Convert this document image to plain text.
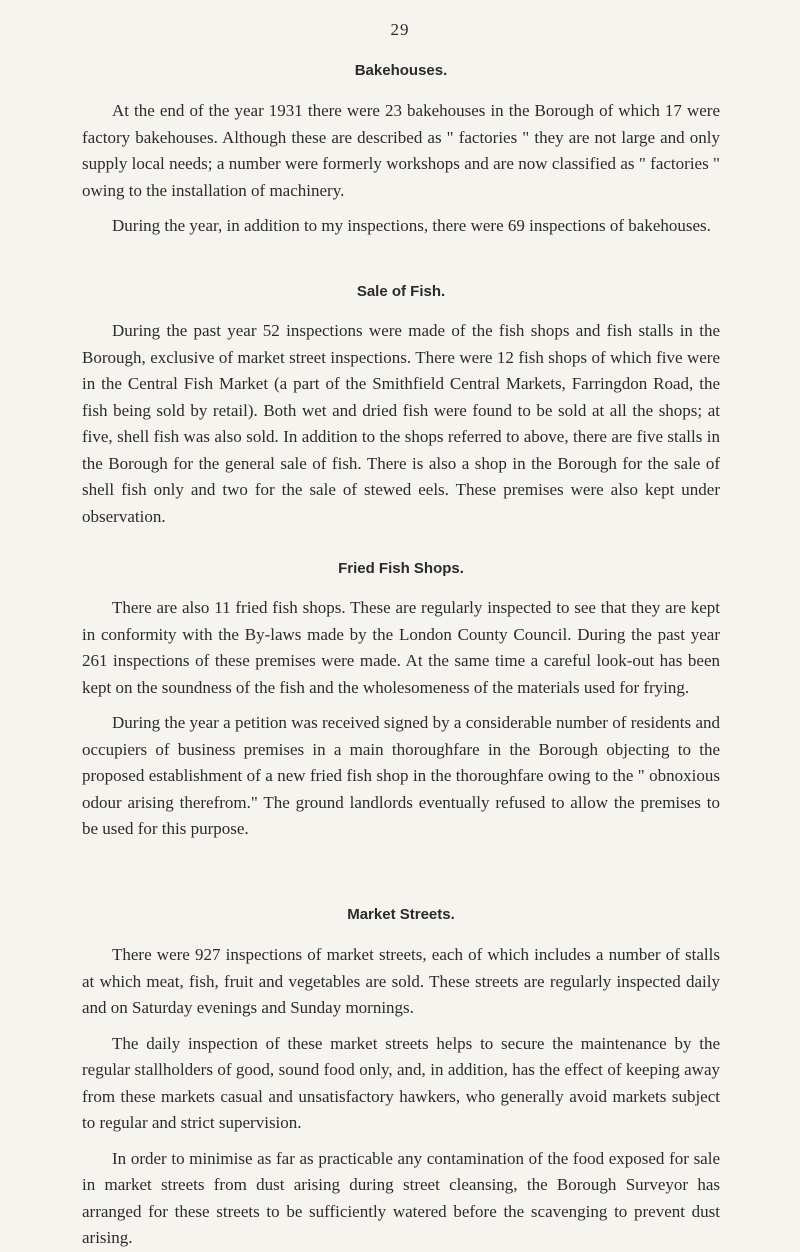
29
Bakehouses.

At the end of the year 1931 there were 23 bakehouses in the Borough of which 17 were factory bakehouses. Although these are described as " factories " they are not large and only supply local needs; a number were formerly workshops and are now classified as " factories " owing to the installation of machinery.

During the year, in addition to my inspections, there were 69 inspections of bakehouses.

Sale of Fish.

During the past year 52 inspections were made of the fish shops and fish stalls in the Borough, exclusive of market street inspections. There were 12 fish shops of which five were in the Central Fish Market (a part of the Smithfield Central Markets, Farringdon Road, the fish being sold by retail). Both wet and dried fish were found to be sold at all the shops; at five, shell fish was also sold. In addition to the shops referred to above, there are five stalls in the Borough for the general sale of fish. There is also a shop in the Borough for the sale of shell fish only and two for the sale of stewed eels. These premises were also kept under observation.

Fried Fish Shops.

There are also 11 fried fish shops. These are regularly inspected to see that they are kept in conformity with the By-laws made by the London County Council. During the past year 261 inspections of these premises were made. At the same time a careful look-out has been kept on the soundness of the fish and the wholesomeness of the materials used for frying.

During the year a petition was received signed by a considerable number of residents and occupiers of business premises in a main thoroughfare in the Borough objecting to the proposed establishment of a new fried fish shop in the thoroughfare owing to the " obnoxious odour arising therefrom." The ground landlords eventually refused to allow the premises to be used for this purpose.

Market Streets.

There were 927 inspections of market streets, each of which includes a number of stalls at which meat, fish, fruit and vegetables are sold. These streets are regularly inspected daily and on Saturday evenings and Sunday mornings.

The daily inspection of these market streets helps to secure the maintenance by the regular stallholders of good, sound food only, and, in addition, has the effect of keeping away from these markets casual and unsatisfactory hawkers, who generally avoid markets subject to regular and strict supervision.

In order to minimise as far as practicable any contamination of the food exposed for sale in market streets from dust arising during street cleansing, the Borough Surveyor has arranged for these streets to be sufficiently watered before the scavenging to prevent dust arising.
